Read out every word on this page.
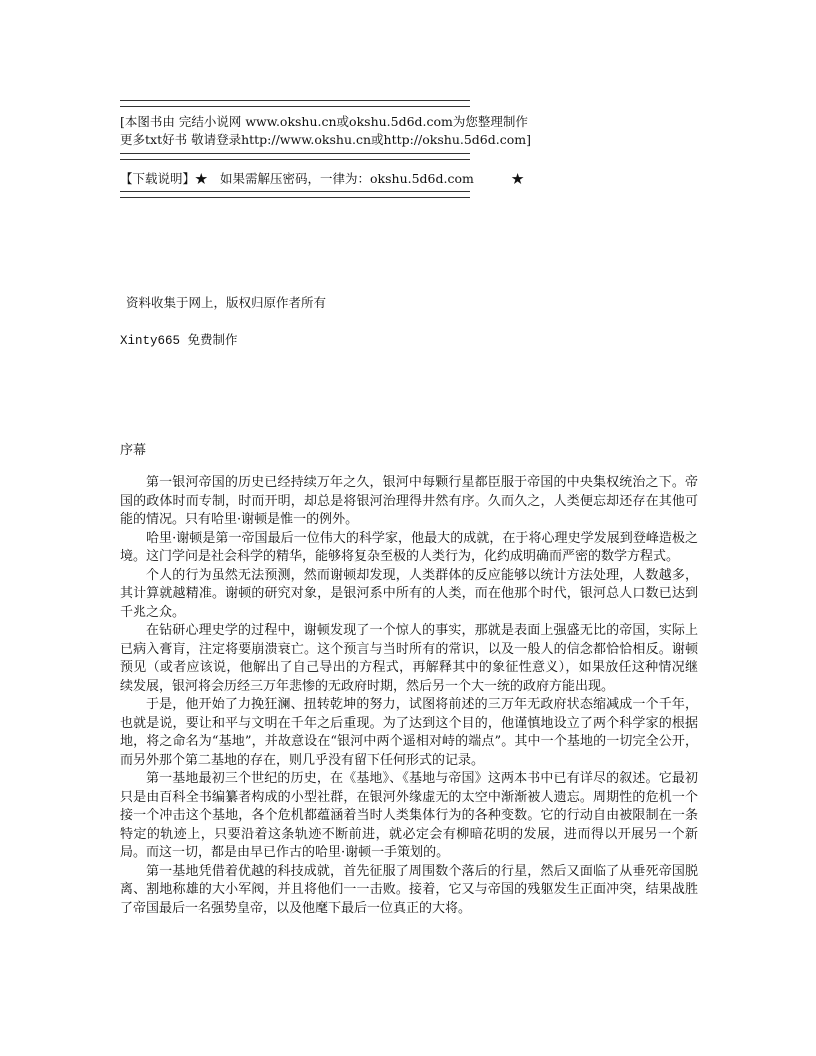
[本图书由 完结小说网 www.okshu.cn或okshu.5d6d.com为您整理制作
更多txt好书 敬请登录http://www.okshu.cn或http://okshu.5d6d.com]
【下载说明】★　如果需解压密码，一律为：okshu.5d6d.com　　　★
资料收集于网上，版权归原作者所有
Xinty665 免费制作
序幕

第一银河帝国的历史已经持续万年之久，银河中每颗行星都臣服于帝国的中央集权统治之下。帝国的政体时而专制，时而开明，却总是将银河治理得井然有序。久而久之，人类便忘却还存在其他可能的情况。只有哈里·谢顿是惟一的例外。

哈里·谢顿是第一帝国最后一位伟大的科学家，他最大的成就，在于将心理史学发展到登峰造极之境。这门学问是社会科学的精华，能够将复杂至极的人类行为，化约成明确而严密的数学方程式。

个人的行为虽然无法预测，然而谢顿却发现，人类群体的反应能够以统计方法处理，人数越多，其计算就越精准。谢顿的研究对象，是银河系中所有的人类，而在他那个时代，银河总人口数已达到千兆之众。

在钻研心理史学的过程中，谢顿发现了一个惊人的事实，那就是表面上强盛无比的帝国，实际上已病入膏肓，注定将要崩溃衰亡。这个预言与当时所有的常识，以及一般人的信念都恰恰相反。谢顿预见（或者应该说，他解出了自己导出的方程式，再解释其中的象征性意义），如果放任这种情况继续发展，银河将会历经三万年悲惨的无政府时期，然后另一个大一统的政府方能出现。

于是，他开始了力挽狂澜、扭转乾坤的努力，试图将前述的三万年无政府状态缩减成一个千年，也就是说，要让和平与文明在千年之后重现。为了达到这个目的，他谨慎地设立了两个科学家的根据地，将之命名为“基地”，并故意设在“银河中两个遥相对峙的端点”。其中一个基地的一切完全公开，而另外那个第二基地的存在，则几乎没有留下任何形式的记录。

第一基地最初三个世纪的历史，在《基地》、《基地与帝国》这两本书中已有详尽的叙述。它最初只是由百科全书编纂者构成的小型社群，在银河外缘虚无的太空中渐渐被人遗忘。周期性的危机一个接一个冲击这个基地，各个危机都蕴涵着当时人类集体行为的各种变数。它的行动自由被限制在一条特定的轨迹上，只要沿着这条轨迹不断前进，就必定会有柳暗花明的发展，进而得以开展另一个新局。而这一切，都是由早已作古的哈里·谢顿一手策划的。

第一基地凭借着优越的科技成就，首先征服了周围数个落后的行星，然后又面临了从垂死帝国脱离、割地称雄的大小军阀，并且将他们一一击败。接着，它又与帝国的残躯发生正面冲突，结果战胜了帝国最后一名强势皇帝，以及他麾下最后一位真正的大将。
